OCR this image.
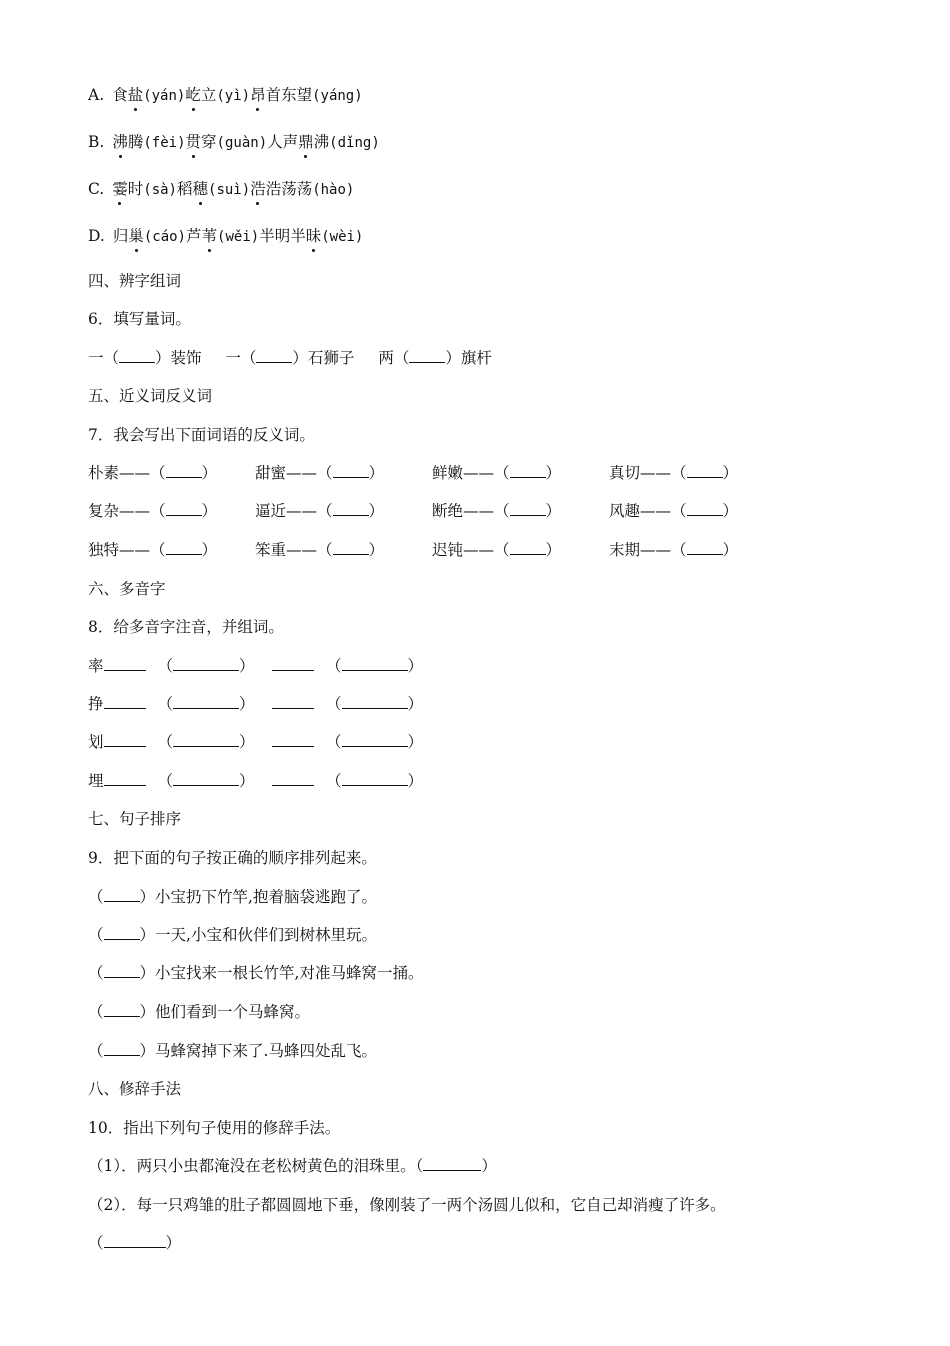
A. 食盐(yán)屹立(yì)昂首东望(yáng)
B. 沸腾(fèi)贯穿(guàn)人声鼎沸(dǐng)
C. 霎时(sà)稻穗(suì)浩浩荡荡(hào)
D. 归巢(cáo)芦苇(wěi)半明半昧(wèi)
四、辨字组词
6．填写量词。
一（ ）装饰 一（ ）石狮子 两（ ）旗杆
五、近义词反义词
7．我会写出下面词语的反义词。
朴素——（ ） 甜蜜——（ ）	鲜嫩——（ ）	真切——（ ）
复杂——（ ） 逼近——（ ）	断绝——（ ）	风趣——（ ）
独特——（ ） 笨重——（ ）	迟钝——（ ）	末期——（ ）
六、多音字
8．给多音字注音，并组词。
率	（	）	（	）
挣	（	）	（	）
划	（	）	（	）
埋	（	）	（	）
七、句子排序
9．把下面的句子按正确的顺序排列起来。
（ ）小宝扔下竹竿,抱着脑袋逃跑了。
（ ）一天,小宝和伙伴们到树林里玩。
（ ）小宝找来一根长竹竿,对准马蜂窝一捅。
（ ）他们看到一个马蜂窝。
（ ）马蜂窝掉下来了.马蜂四处乱飞。
八、修辞手法
10．指出下列句子使用的修辞手法。
（1）．两只小虫都淹没在老松树黄色的泪珠里。（	）
（2）．每一只鸡雏的肚子都圆圆地下垂，像刚装了一两个汤圆儿似和，它自己却消瘦了许多。
（	）
